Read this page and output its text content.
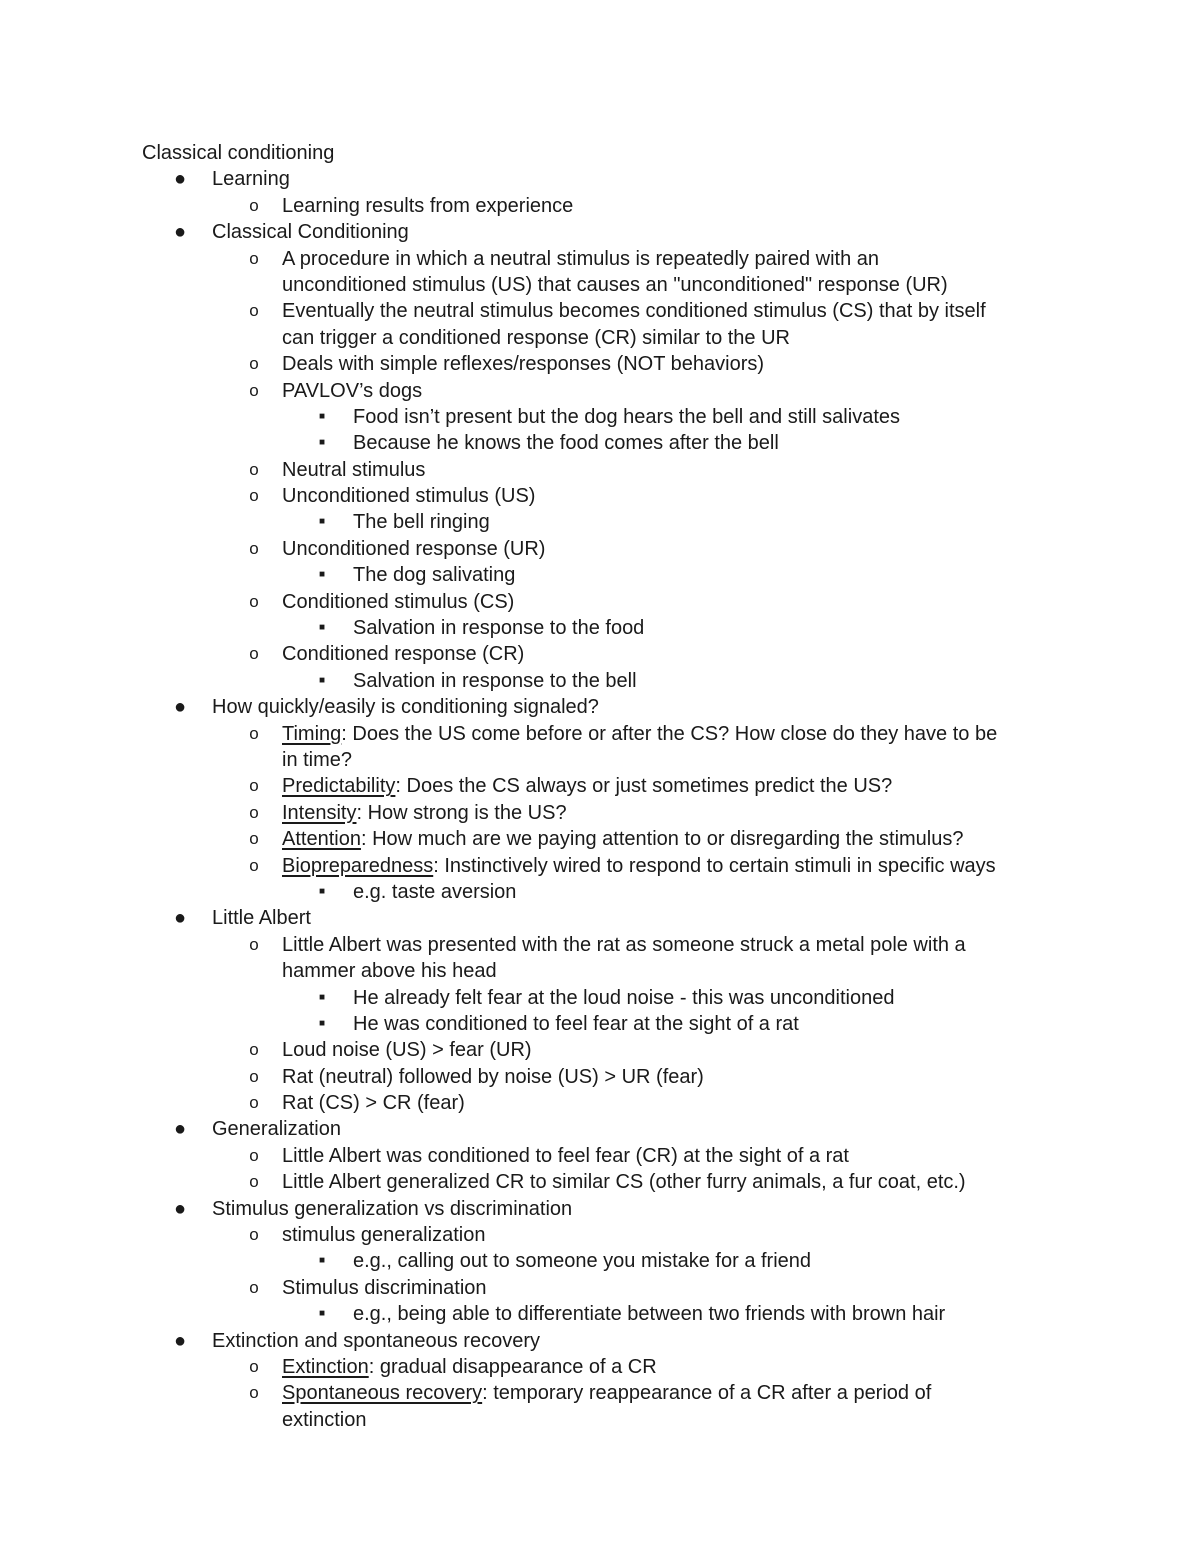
Classical conditioning
● Learning
o Learning results from experience
● Classical Conditioning
o A procedure in which a neutral stimulus is repeatedly paired with an
unconditioned stimulus (US) that causes an "unconditioned" response (UR)
o Eventually the neutral stimulus becomes conditioned stimulus (CS) that by itself
can trigger a conditioned response (CR) similar to the UR
o Deals with simple reflexes/responses (NOT behaviors)
o PAVLOV’s dogs
■	Food isn’t present but the dog hears the bell and still salivates
■	Because he knows the food comes after the bell
o Neutral stimulus
o Unconditioned stimulus (US)
■	The bell ringing
o Unconditioned response (UR)
■	The dog salivating
o Conditioned stimulus (CS)
■	Salvation in response to the food
o Conditioned response (CR)
■	Salvation in response to the bell
● How quickly/easily is conditioning signaled?
o Timing: Does the US come before or after the CS? How close do they have to be
in time?
o Predictability: Does the CS always or just sometimes predict the US?
o Intensity: How strong is the US?
o Attention: How much are we paying attention to or disregarding the stimulus?
o Biopreparedness: Instinctively wired to respond to certain stimuli in specific ways
■	e.g. taste aversion
● Little Albert
o Little Albert was presented with the rat as someone struck a metal pole with a
hammer above his head
■	He already felt fear at the loud noise - this was unconditioned
■	He was conditioned to feel fear at the sight of a rat
o Loud noise (US) > fear (UR)
o Rat (neutral) followed by noise (US) > UR (fear)
o Rat (CS) > CR (fear)
● Generalization
o Little Albert was conditioned to feel fear (CR) at the sight of a rat
o Little Albert generalized CR to similar CS (other furry animals, a fur coat, etc.)
● Stimulus generalization vs discrimination
o stimulus generalization
■	e.g., calling out to someone you mistake for a friend
o Stimulus discrimination
■	e.g., being able to differentiate between two friends with brown hair
● Extinction and spontaneous recovery
o Extinction: gradual disappearance of a CR
o Spontaneous recovery: temporary reappearance of a CR after a period of
extinction
